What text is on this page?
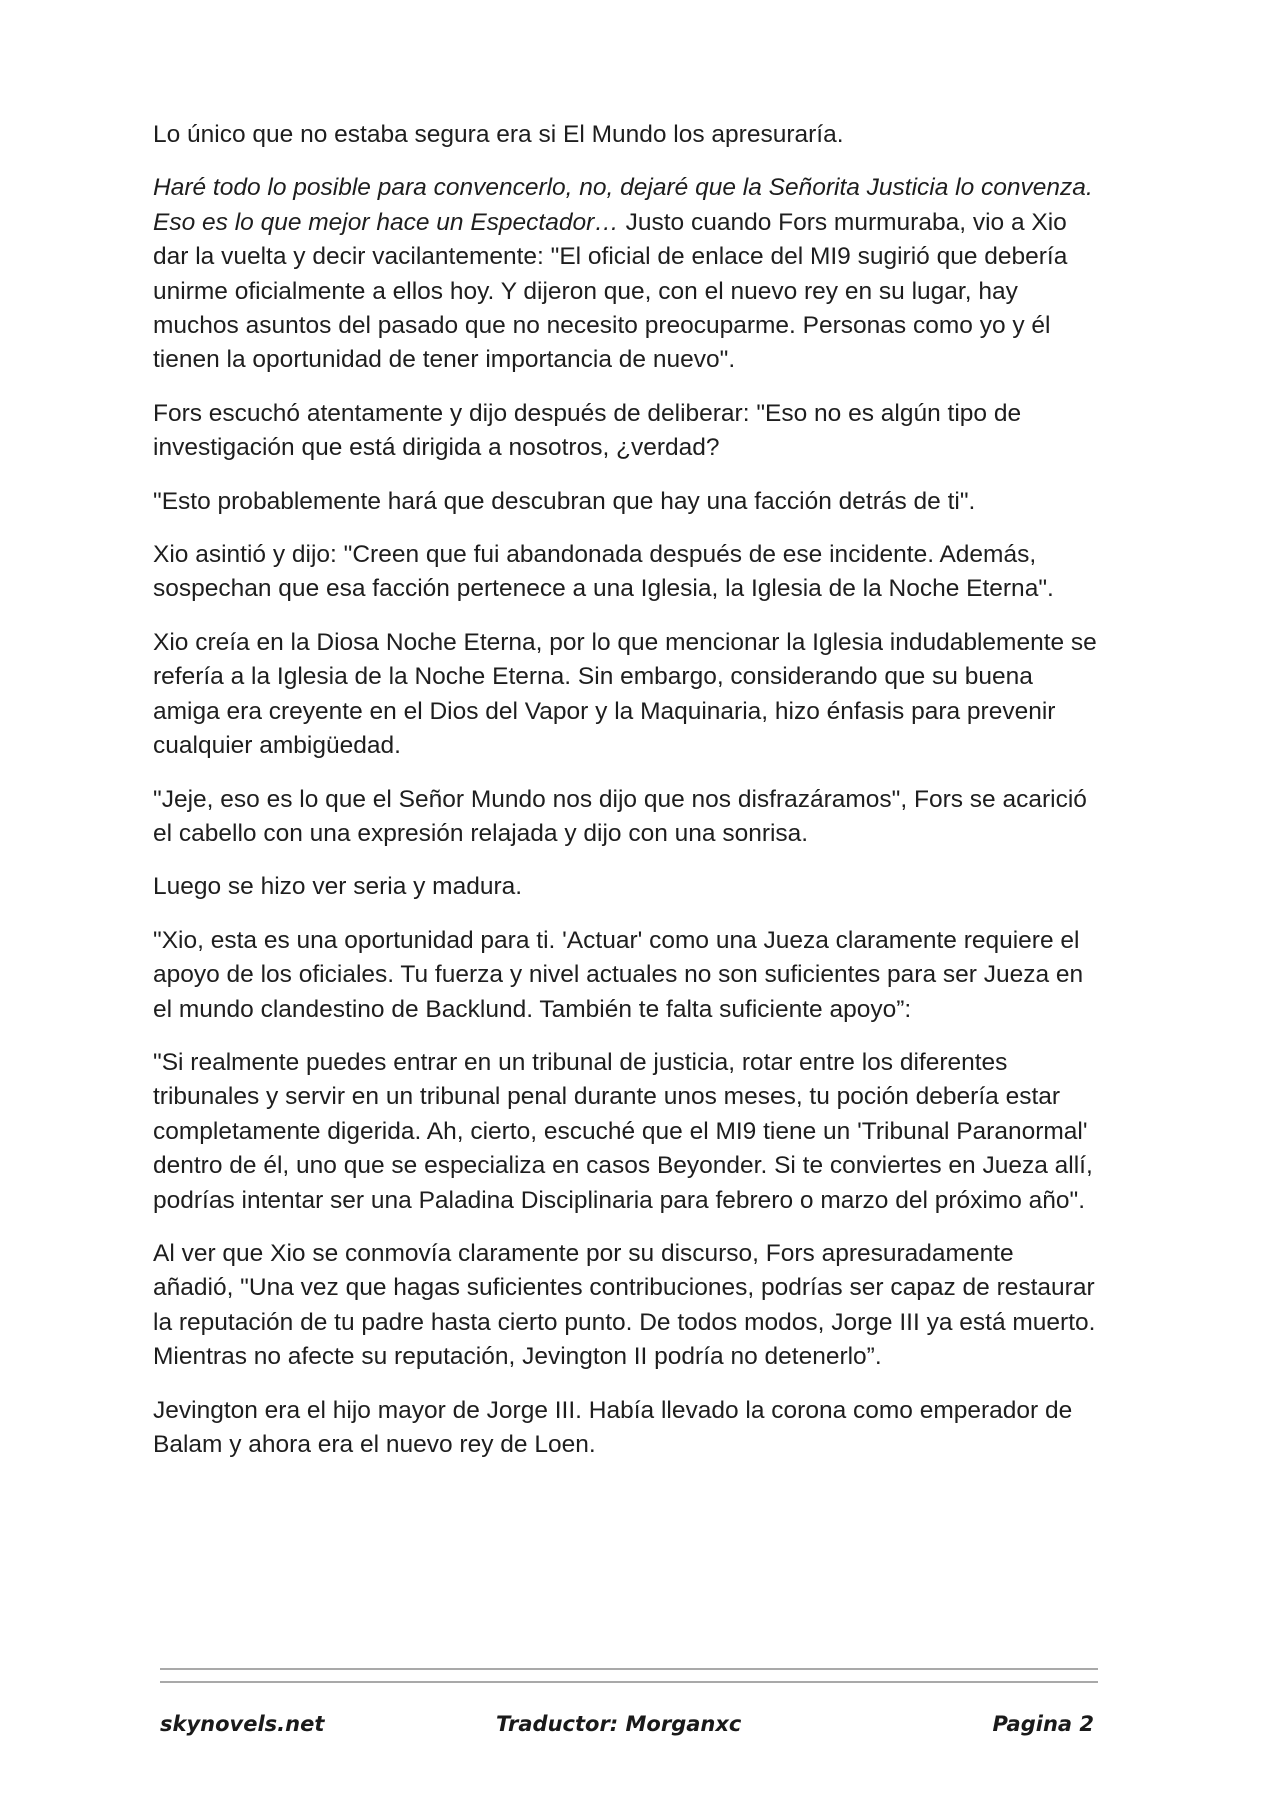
Lo único que no estaba segura era si El Mundo los apresuraría.

Haré todo lo posible para convencerlo, no, dejaré que la Señorita Justicia lo convenza. Eso es lo que mejor hace un Espectador… Justo cuando Fors murmuraba, vio a Xio dar la vuelta y decir vacilantemente: "El oficial de enlace del MI9 sugirió que debería unirme oficialmente a ellos hoy. Y dijeron que, con el nuevo rey en su lugar, hay muchos asuntos del pasado que no necesito preocuparme. Personas como yo y él tienen la oportunidad de tener importancia de nuevo".

Fors escuchó atentamente y dijo después de deliberar: "Eso no es algún tipo de investigación que está dirigida a nosotros, ¿verdad?

"Esto probablemente hará que descubran que hay una facción detrás de ti".

Xio asintió y dijo: "Creen que fui abandonada después de ese incidente. Además, sospechan que esa facción pertenece a una Iglesia, la Iglesia de la Noche Eterna".

Xio creía en la Diosa Noche Eterna, por lo que mencionar la Iglesia indudablemente se refería a la Iglesia de la Noche Eterna. Sin embargo, considerando que su buena amiga era creyente en el Dios del Vapor y la Maquinaria, hizo énfasis para prevenir cualquier ambigüedad.

"Jeje, eso es lo que el Señor Mundo nos dijo que nos disfrazáramos", Fors se acarició el cabello con una expresión relajada y dijo con una sonrisa.

Luego se hizo ver seria y madura.

"Xio, esta es una oportunidad para ti. 'Actuar' como una Jueza claramente requiere el apoyo de los oficiales. Tu fuerza y nivel actuales no son suficientes para ser Jueza en el mundo clandestino de Backlund. También te falta suficiente apoyo”:

"Si realmente puedes entrar en un tribunal de justicia, rotar entre los diferentes tribunales y servir en un tribunal penal durante unos meses, tu poción debería estar completamente digerida. Ah, cierto, escuché que el MI9 tiene un 'Tribunal Paranormal' dentro de él, uno que se especializa en casos Beyonder. Si te conviertes en Jueza allí, podrías intentar ser una Paladina Disciplinaria para febrero o marzo del próximo año".

Al ver que Xio se conmovía claramente por su discurso, Fors apresuradamente añadió, "Una vez que hagas suficientes contribuciones, podrías ser capaz de restaurar la reputación de tu padre hasta cierto punto. De todos modos, Jorge III ya está muerto. Mientras no afecte su reputación, Jevington II podría no detenerlo”.

Jevington era el hijo mayor de Jorge III. Había llevado la corona como emperador de Balam y ahora era el nuevo rey de Loen.

skynovels.net	Traductor: Morganxc	Pagina 2
